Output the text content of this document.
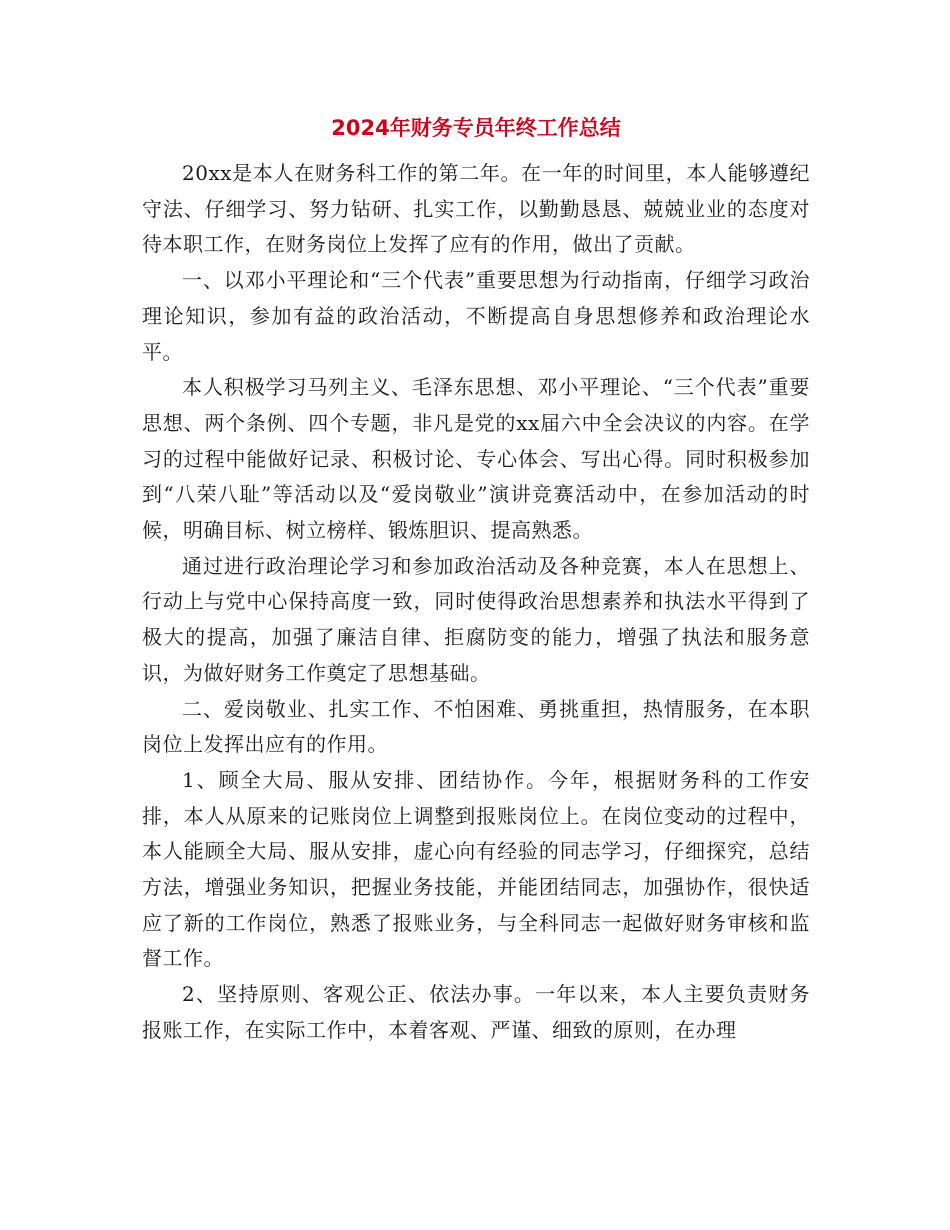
2024年财务专员年终工作总结

20xx是本人在财务科工作的第二年。在一年的时间里，本人能够遵纪守法、仔细学习、努力钻研、扎实工作，以勤勤恳恳、兢兢业业的态度对待本职工作，在财务岗位上发挥了应有的作用，做出了贡献。

一、以邓小平理论和“三个代表”重要思想为行动指南，仔细学习政治理论知识，参加有益的政治活动，不断提高自身思想修养和政治理论水平。

本人积极学习马列主义、毛泽东思想、邓小平理论、“三个代表”重要思想、两个条例、四个专题，非凡是党的xx届六中全会决议的内容。在学习的过程中能做好记录、积极讨论、专心体会、写出心得。同时积极参加到“八荣八耻”等活动以及“爱岗敬业”演讲竞赛活动中，在参加活动的时候，明确目标、树立榜样、锻炼胆识、提高熟悉。

通过进行政治理论学习和参加政治活动及各种竞赛，本人在思想上、行动上与党中心保持高度一致，同时使得政治思想素养和执法水平得到了极大的提高，加强了廉洁自律、拒腐防变的能力，增强了执法和服务意识，为做好财务工作奠定了思想基础。

二、爱岗敬业、扎实工作、不怕困难、勇挑重担，热情服务，在本职岗位上发挥出应有的作用。

1、顾全大局、服从安排、团结协作。今年，根据财务科的工作安排，本人从原来的记账岗位上调整到报账岗位上。在岗位变动的过程中，本人能顾全大局、服从安排，虚心向有经验的同志学习，仔细探究，总结方法，增强业务知识，把握业务技能，并能团结同志，加强协作，很快适应了新的工作岗位，熟悉了报账业务，与全科同志一起做好财务审核和监督工作。

2、坚持原则、客观公正、依法办事。一年以来，本人主要负责财务报账工作，在实际工作中，本着客观、严谨、细致的原则，在办理
